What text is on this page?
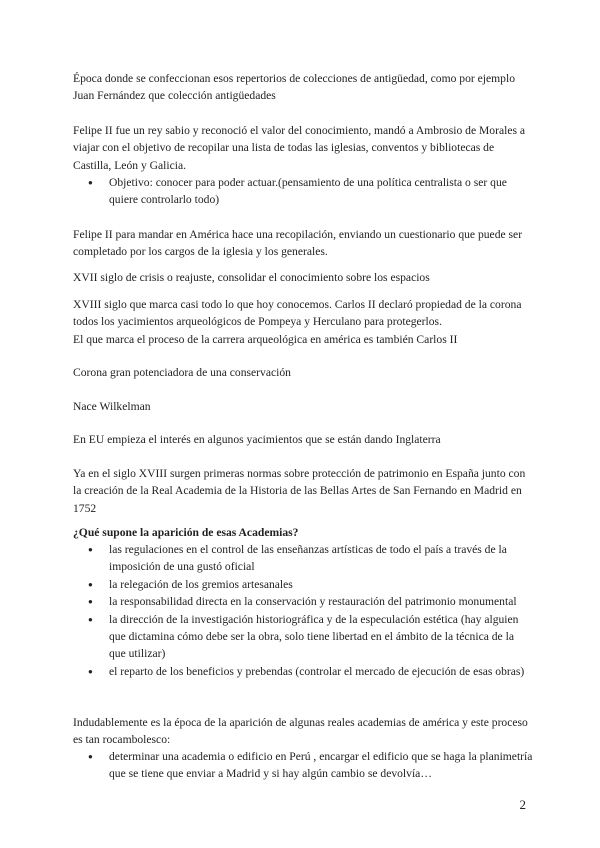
Época donde se confeccionan esos repertorios de colecciones de antigüedad, como por ejemplo Juan Fernández que colección antigüedades

Felipe II fue un rey sabio y reconoció el valor del conocimiento, mandó a Ambrosio de Morales a viajar con el objetivo de recopilar una lista de todas las iglesias, conventos y bibliotecas de Castilla, León y Galicia.

● Objetivo: conocer para poder actuar.(pensamiento de una política centralista o ser que quiere controlarlo todo)

Felipe II para mandar en América hace una recopilación, enviando un cuestionario que puede ser completado por los cargos de la iglesia y los generales.

XVII siglo de crisis o reajuste, consolidar el conocimiento sobre los espacios

XVIII siglo que marca casi todo lo que hoy conocemos. Carlos II declaró propiedad de la corona todos los yacimientos arqueológicos de Pompeya y Herculano para protegerlos.

El que marca el proceso de la carrera arqueológica en américa es también Carlos II

Corona gran potenciadora de una conservación

Nace Wilkelman

En EU empieza el interés en algunos yacimientos que se están dando Inglaterra

Ya en el siglo XVIII surgen primeras normas sobre protección de patrimonio en España junto con la creación de la Real Academia de la Historia de las Bellas Artes de San Fernando en Madrid en 1752

¿Qué supone la aparición de esas Academias?

● las regulaciones en el control de las enseñanzas artísticas de todo el país a través de la imposición de una gustó oficial
● la relegación de los gremios artesanales
● la responsabilidad directa en la conservación y restauración del patrimonio monumental
● la dirección de la investigación historiográfica y de la especulación estética (hay alguien que dictamina cómo debe ser la obra, solo tiene libertad en el ámbito de la técnica de la que utilizar)
● el reparto de los beneficios y prebendas (controlar el mercado de ejecución de esas obras)

Indudablemente es la época de la aparición de algunas reales academias de américa y este proceso es tan rocambolesco:

● determinar una academia o edificio en Perú , encargar el edificio que se haga la planimetría que se tiene que enviar a Madrid y si hay algún cambio se devolvía…
2
